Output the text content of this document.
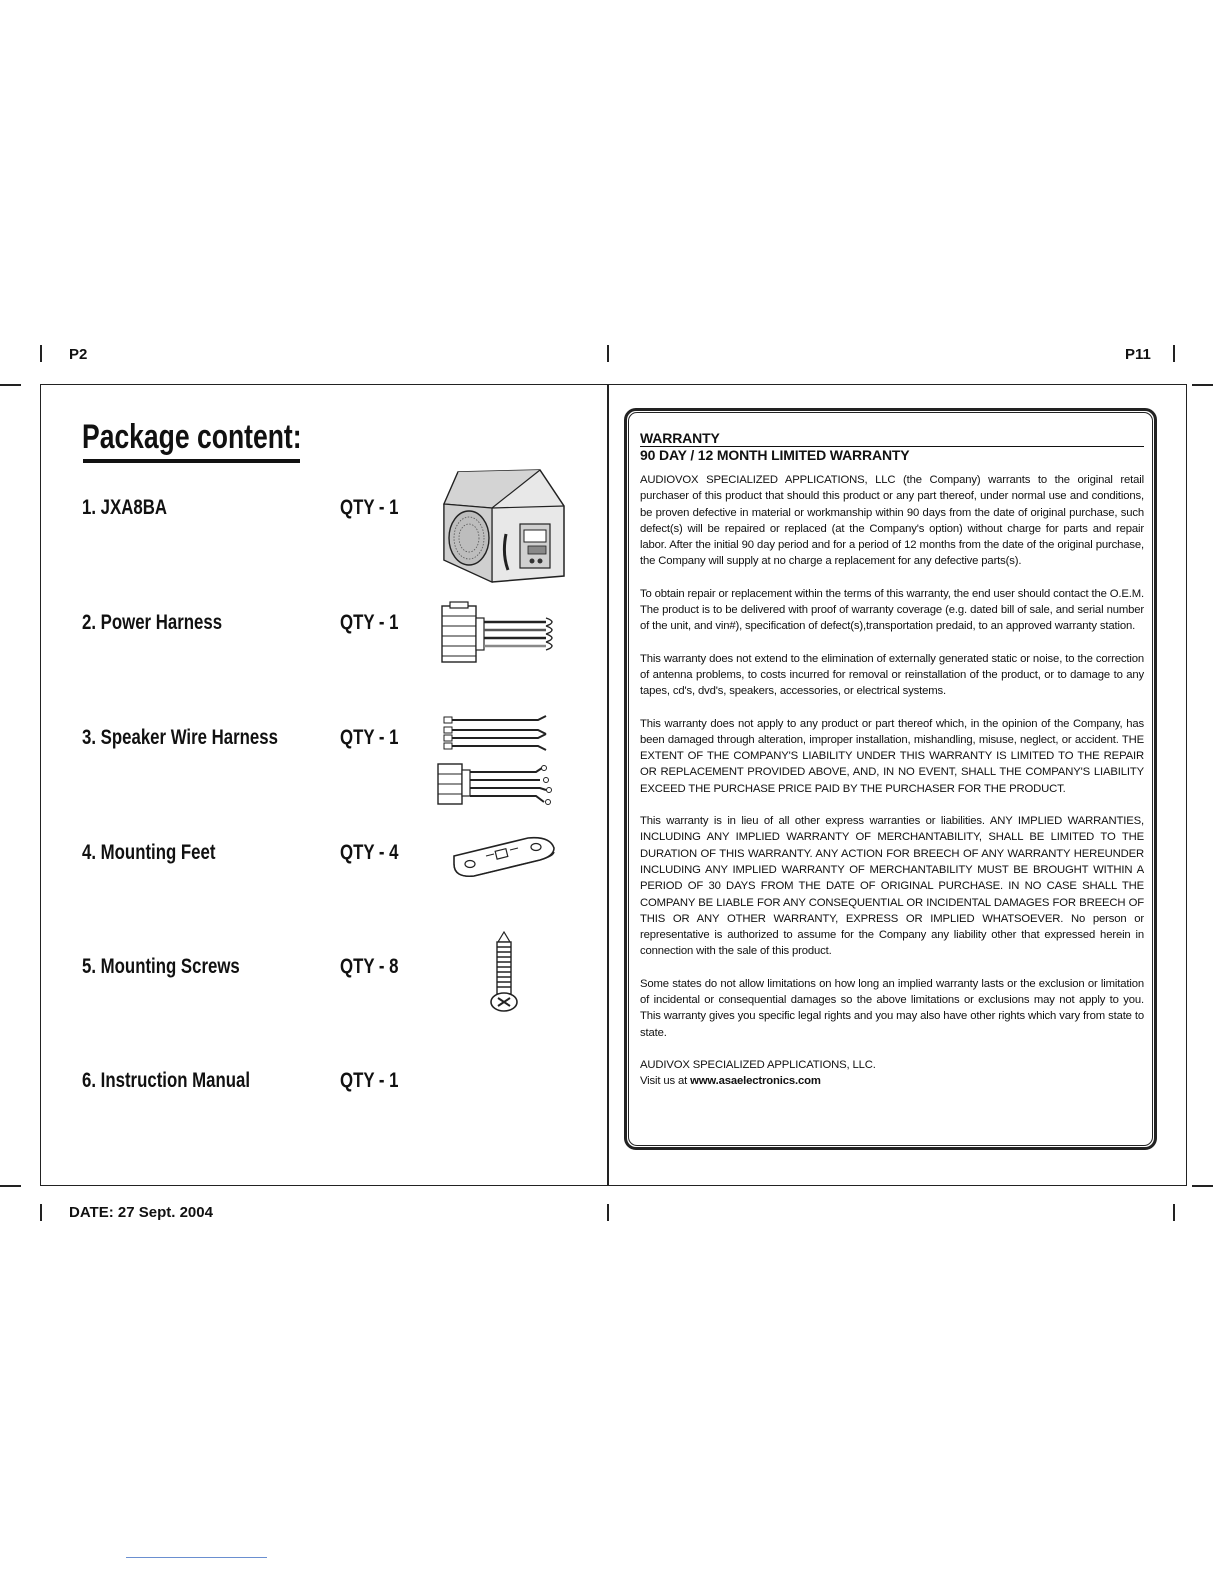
P2	P11
Package content:
1. JXA8BA	QTY - 1
2. Power Harness	QTY - 1
3. Speaker Wire Harness	QTY - 1
4. Mounting Feet	QTY - 4
5. Mounting Screws	QTY - 8
6. Instruction Manual	QTY - 1

WARRANTY

90 DAY / 12 MONTH LIMITED WARRANTY

AUDIOVOX SPECIALIZED APPLICATIONS, LLC (the Company) warrants to the original retail purchaser of this product that should this product or any part thereof, under normal use and conditions, be proven defective in material or workmanship within 90 days from the date of original purchase, such defect(s) will be repaired or replaced (at the Company's option) without charge for parts and repair labor. After the initial 90 day period and for a period of 12 months from the date of the original purchase, the Company will supply at no charge a replacement for any defective parts(s).

To obtain repair or replacement within the terms of this warranty, the end user should contact the O.E.M. The product is to be delivered with proof of warranty coverage (e.g. dated bill of sale, and serial number of the unit, and vin#), specification of defect(s),transportation predaid, to an approved warranty station.

This warranty does not extend to the elimination of externally generated static or noise, to the correction of antenna problems, to costs incurred for removal or reinstallation of the product, or to damage to any tapes, cd's, dvd's, speakers, accessories, or electrical systems.

This warranty does not apply to any product or part thereof which, in the opinion of the Company, has been damaged through alteration, improper installation, mishandling, misuse, neglect, or accident. THE EXTENT OF THE COMPANY'S LIABILITY UNDER THIS WARRANTY IS LIMITED TO THE REPAIR OR REPLACEMENT PROVIDED ABOVE, AND, IN NO EVENT, SHALL THE COMPANY'S LIABILITY EXCEED THE PURCHASE PRICE PAID BY THE PURCHASER FOR THE PRODUCT.

This warranty is in lieu of all other express warranties or liabilities. ANY IMPLIED WARRANTIES, INCLUDING ANY IMPLIED WARRANTY OF MERCHANTABILITY, SHALL BE LIMITED TO THE DURATION OF THIS WARRANTY. ANY ACTION FOR BREECH OF ANY WARRANTY HEREUNDER INCLUDING ANY IMPLIED WARRANTY OF MERCHANTABILITY MUST BE BROUGHT WITHIN A PERIOD OF 30 DAYS FROM THE DATE OF ORIGINAL PURCHASE. IN NO CASE SHALL THE COMPANY BE LIABLE FOR ANY CONSEQUENTIAL OR INCIDENTAL DAMAGES FOR BREECH OF THIS OR ANY OTHER WARRANTY, EXPRESS OR IMPLIED WHATSOEVER. No person or representative is authorized to assume for the Company any liability other that expressed herein in connection with the sale of this product.

Some states do not allow limitations on how long an implied warranty lasts or the exclusion or limitation of incidental or consequential damages so the above limitations or exclusions may not apply to you. This warranty gives you specific legal rights and you may also have other rights which vary from state to state.

AUDIVOX SPECIALIZED APPLICATIONS, LLC.

Visit us at www.asaelectronics.com

DATE: 27 Sept. 2004
